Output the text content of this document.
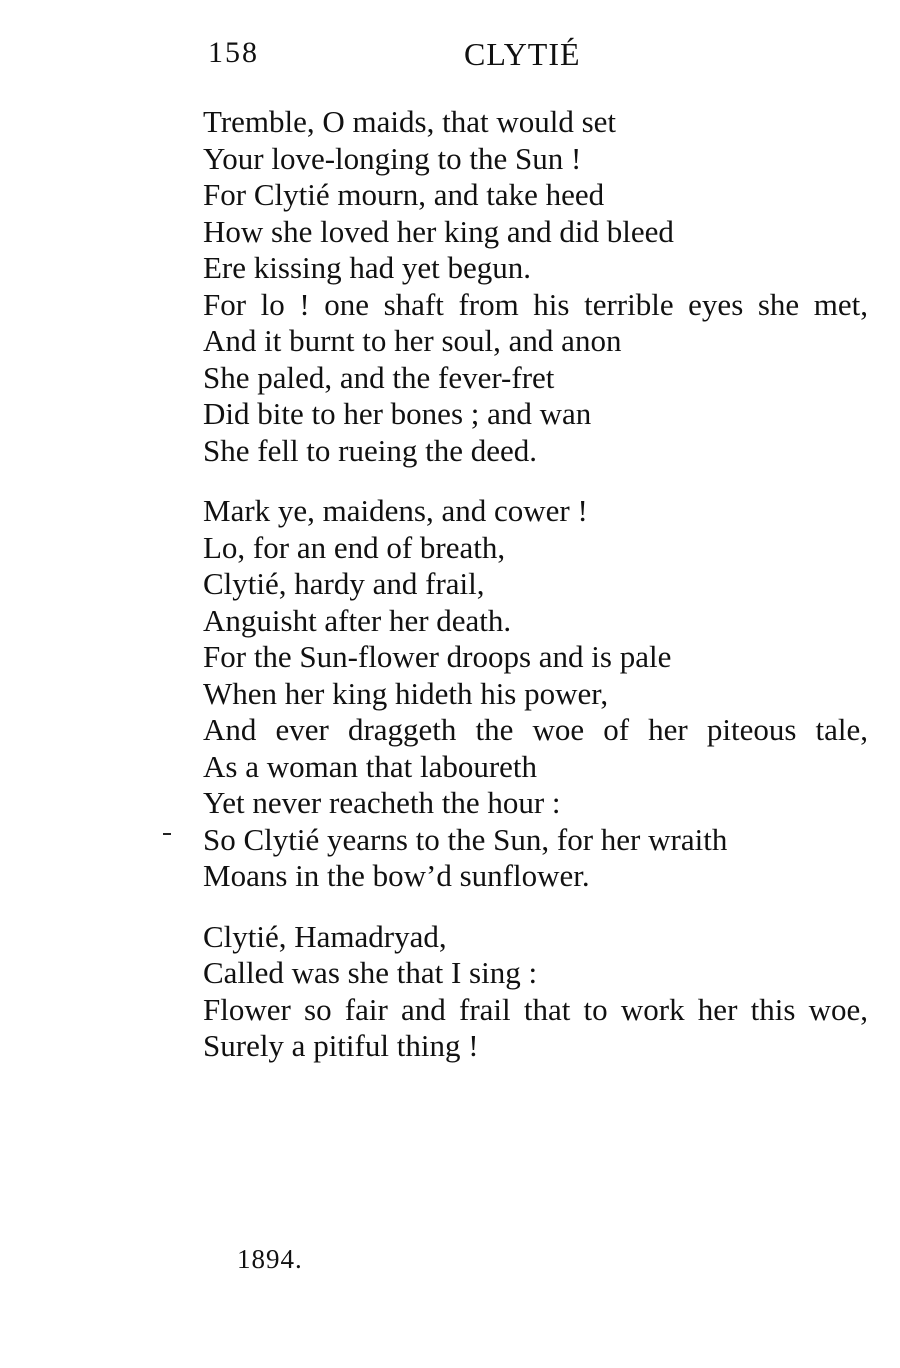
158	CLYTIÉ
Tremble, O maids, that would set
Your love-longing to the Sun !
For Clytié mourn, and take heed
How she loved her king and did bleed
Ere kissing had yet begun.
For lo ! one shaft from his terrible eyes she met,
And it burnt to her soul, and anon
She paled, and the fever-fret
Did bite to her bones ; and wan
She fell to rueing the deed.
Mark ye, maidens, and cower !
Lo, for an end of breath,
Clytié, hardy and frail,
Anguisht after her death.
For the Sun-flower droops and is pale
When her king hideth his power,
And ever draggeth the woe of her piteous tale,
As a woman that laboureth
Yet never reacheth the hour :
So Clytié yearns to the Sun, for her wraith
Moans in the bow’d sunflower.
Clytié, Hamadryad,
Called was she that I sing :
Flower so fair and frail that to work her this woe,
Surely a pitiful thing !
1894.
